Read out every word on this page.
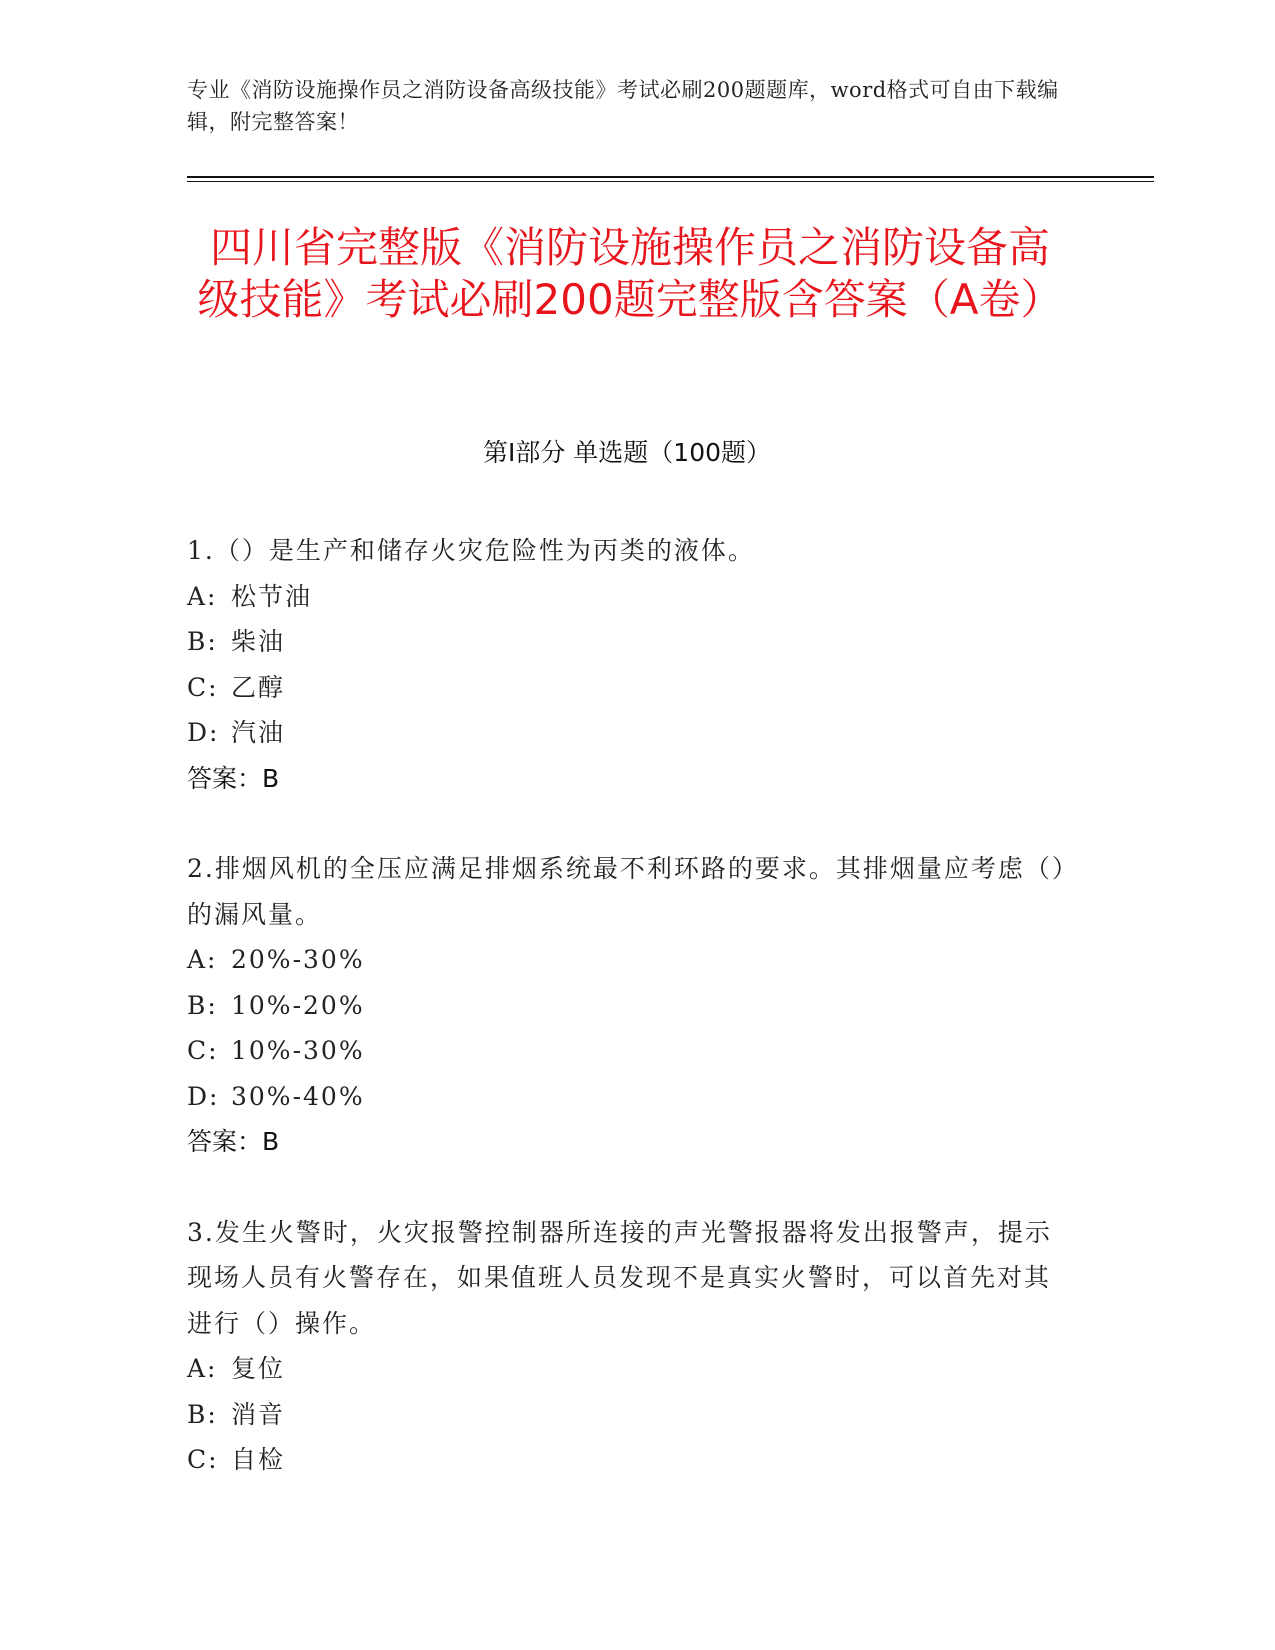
专业《消防设施操作员之消防设备高级技能》考试必刷200题题库，word格式可自由下载编辑，附完整答案！
四川省完整版《消防设施操作员之消防设备高级技能》考试必刷200题完整版含答案（A卷）
第I部分 单选题（100题）
1.（）是生产和储存火灾危险性为丙类的液体。
A: 松节油
B: 柴油
C: 乙醇
D: 汽油
答案：B
2.排烟风机的全压应满足排烟系统最不利环路的要求。其排烟量应考虑（）的漏风量。
A: 20%-30%
B: 10%-20%
C: 10%-30%
D: 30%-40%
答案：B
3.发生火警时，火灾报警控制器所连接的声光警报器将发出报警声，提示现场人员有火警存在，如果值班人员发现不是真实火警时，可以首先对其进行（）操作。
A: 复位
B: 消音
C: 自检
